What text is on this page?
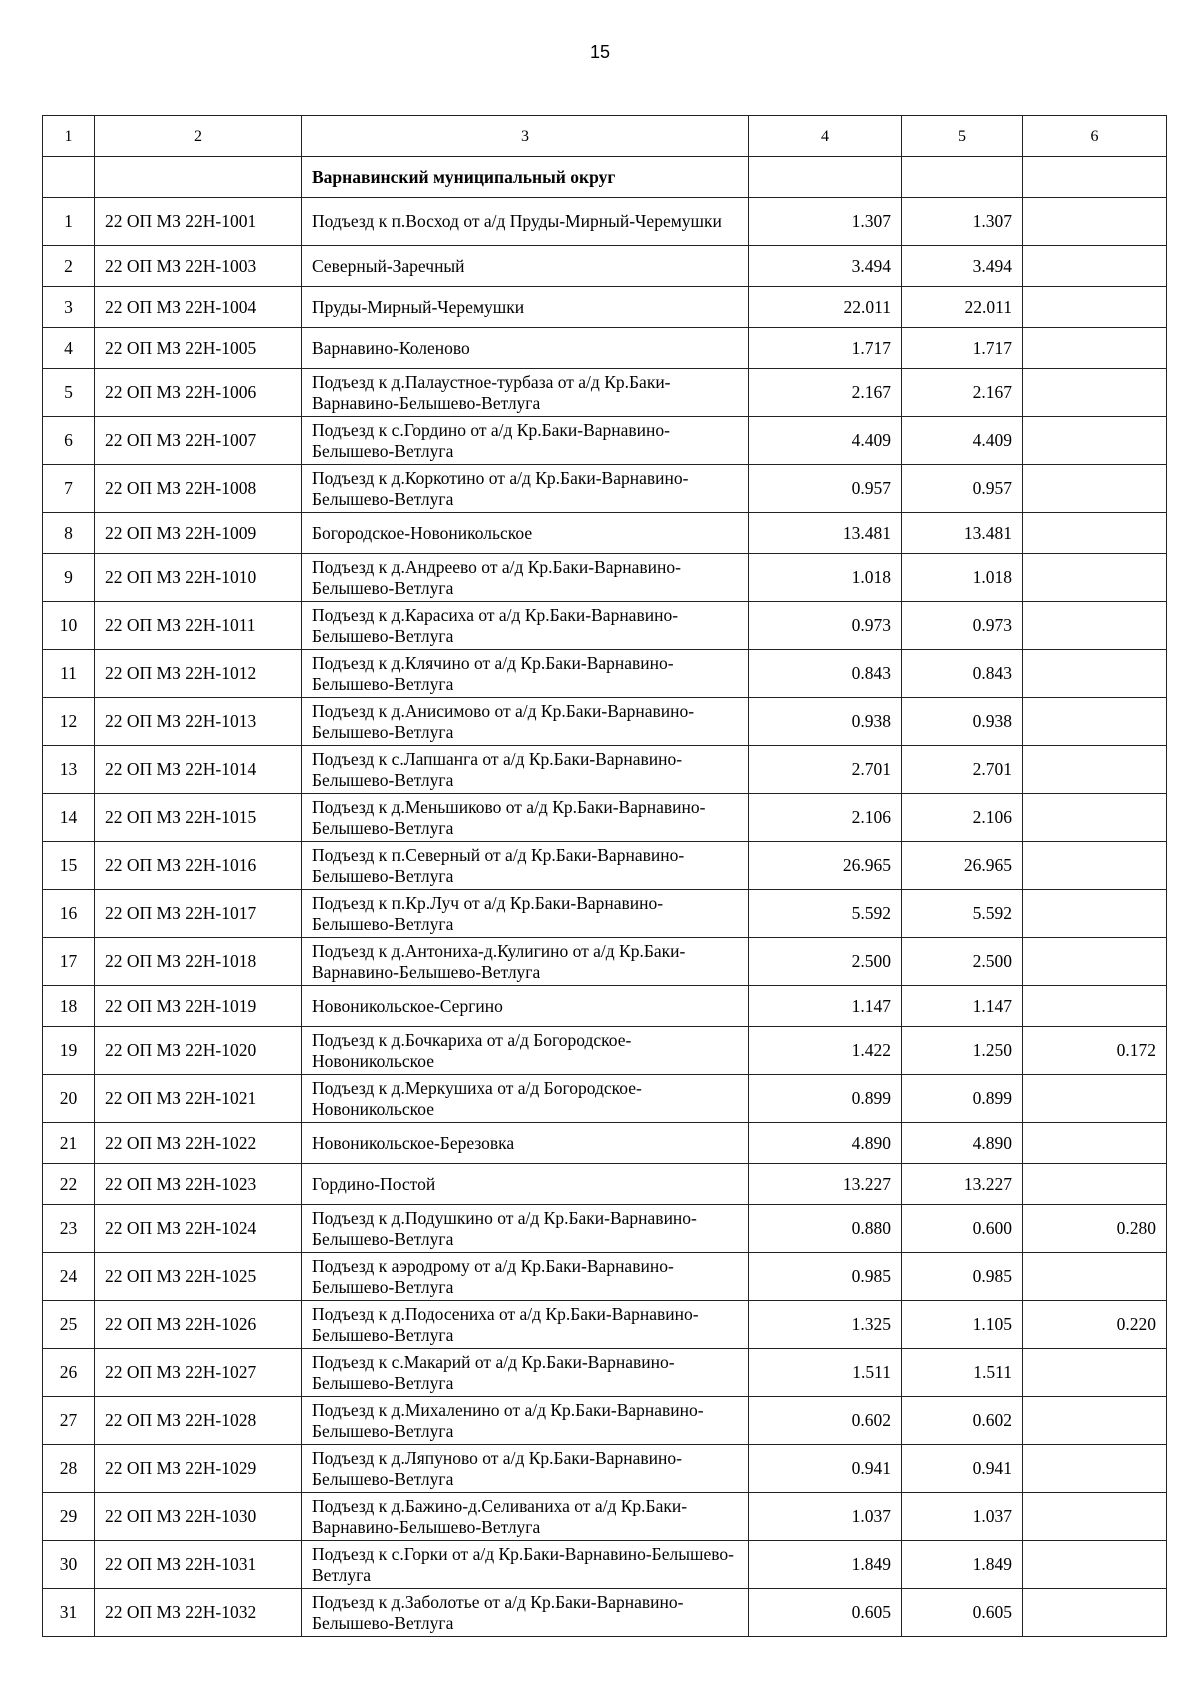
15
1	2	3	4	5	6
		Варнавинский муниципальный округ			
1	22 ОП МЗ 22Н-1001	Подъезд к п.Восход от а/д Пруды-Мирный-Черемушки	1.307	1.307	
2	22 ОП МЗ 22Н-1003	Северный-Заречный	3.494	3.494	
3	22 ОП МЗ 22Н-1004	Пруды-Мирный-Черемушки	22.011	22.011	
4	22 ОП МЗ 22Н-1005	Варнавино-Коленово	1.717	1.717	
5	22 ОП МЗ 22Н-1006	Подъезд к д.Палаустное-турбаза от а/д Кр.Баки-Варнавино-Белышево-Ветлуга	2.167	2.167	
6	22 ОП МЗ 22Н-1007	Подъезд к с.Гордино от а/д Кр.Баки-Варнавино-Белышево-Ветлуга	4.409	4.409	
7	22 ОП МЗ 22Н-1008	Подъезд к д.Коркотино от а/д Кр.Баки-Варнавино-Белышево-Ветлуга	0.957	0.957	
8	22 ОП МЗ 22Н-1009	Богородское-Новоникольское	13.481	13.481	
9	22 ОП МЗ 22Н-1010	Подъезд к д.Андреево от а/д Кр.Баки-Варнавино-Белышево-Ветлуга	1.018	1.018	
10	22 ОП МЗ 22Н-1011	Подъезд к д.Карасиха от а/д Кр.Баки-Варнавино-Белышево-Ветлуга	0.973	0.973	
11	22 ОП МЗ 22Н-1012	Подъезд к д.Клячино от а/д Кр.Баки-Варнавино-Белышево-Ветлуга	0.843	0.843	
12	22 ОП МЗ 22Н-1013	Подъезд к д.Анисимово от а/д Кр.Баки-Варнавино-Белышево-Ветлуга	0.938	0.938	
13	22 ОП МЗ 22Н-1014	Подъезд к с.Лапшанга от а/д Кр.Баки-Варнавино-Белышево-Ветлуга	2.701	2.701	
14	22 ОП МЗ 22Н-1015	Подъезд к д.Меньшиково от а/д Кр.Баки-Варнавино-Белышево-Ветлуга	2.106	2.106	
15	22 ОП МЗ 22Н-1016	Подъезд к п.Северный от а/д Кр.Баки-Варнавино-Белышево-Ветлуга	26.965	26.965	
16	22 ОП МЗ 22Н-1017	Подъезд к п.Кр.Луч от а/д Кр.Баки-Варнавино-Белышево-Ветлуга	5.592	5.592	
17	22 ОП МЗ 22Н-1018	Подъезд к д.Антониха-д.Кулигино от а/д Кр.Баки-Варнавино-Белышево-Ветлуга	2.500	2.500	
18	22 ОП МЗ 22Н-1019	Новоникольское-Сергино	1.147	1.147	
19	22 ОП МЗ 22Н-1020	Подъезд к д.Бочкариха от а/д Богородское-Новоникольское	1.422	1.250	0.172
20	22 ОП МЗ 22Н-1021	Подъезд к д.Меркушиха от а/д Богородское-Новоникольское	0.899	0.899	
21	22 ОП МЗ 22Н-1022	Новоникольское-Березовка	4.890	4.890	
22	22 ОП МЗ 22Н-1023	Гордино-Постой	13.227	13.227	
23	22 ОП МЗ 22Н-1024	Подъезд к д.Подушкино от а/д Кр.Баки-Варнавино-Белышево-Ветлуга	0.880	0.600	0.280
24	22 ОП МЗ 22Н-1025	Подъезд к аэродрому от а/д Кр.Баки-Варнавино-Белышево-Ветлуга	0.985	0.985	
25	22 ОП МЗ 22Н-1026	Подъезд к д.Подосениха от а/д Кр.Баки-Варнавино-Белышево-Ветлуга	1.325	1.105	0.220
26	22 ОП МЗ 22Н-1027	Подъезд к с.Макарий от а/д Кр.Баки-Варнавино-Белышево-Ветлуга	1.511	1.511	
27	22 ОП МЗ 22Н-1028	Подъезд к д.Михаленино от а/д Кр.Баки-Варнавино-Белышево-Ветлуга	0.602	0.602	
28	22 ОП МЗ 22Н-1029	Подъезд к д.Ляпуново от а/д Кр.Баки-Варнавино-Белышево-Ветлуга	0.941	0.941	
29	22 ОП МЗ 22Н-1030	Подъезд к д.Бажино-д.Селиваниха от а/д Кр.Баки-Варнавино-Белышево-Ветлуга	1.037	1.037	
30	22 ОП МЗ 22Н-1031	Подъезд к с.Горки от а/д Кр.Баки-Варнавино-Белышево-Ветлуга	1.849	1.849	
31	22 ОП МЗ 22Н-1032	Подъезд к д.Заболотье от а/д Кр.Баки-Варнавино-Белышево-Ветлуга	0.605	0.605	
